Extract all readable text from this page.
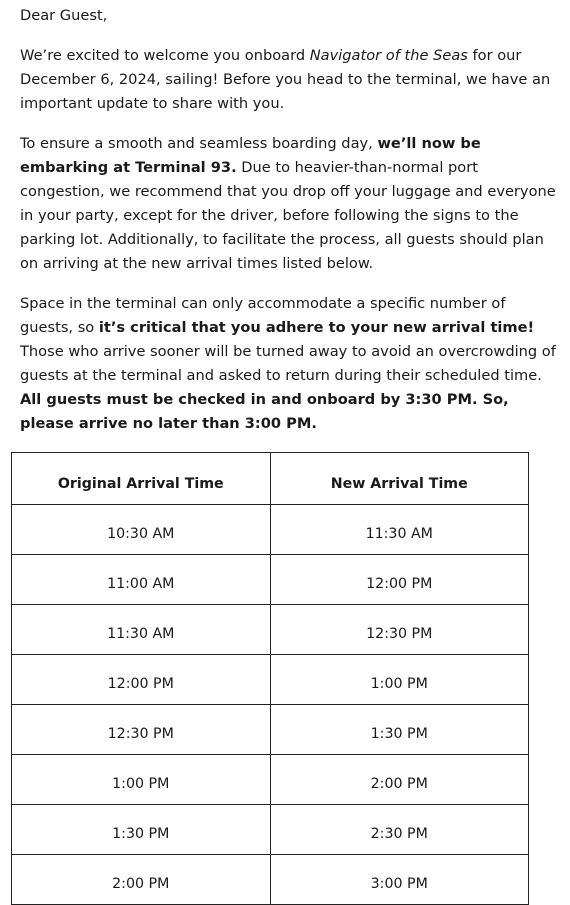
Dear Guest,

We’re excited to welcome you onboard Navigator of the Seas for our December 6, 2024, sailing! Before you head to the terminal, we have an important update to share with you.

To ensure a smooth and seamless boarding day, we’ll now be embarking at Terminal 93. Due to heavier-than-normal port congestion, we recommend that you drop off your luggage and everyone in your party, except for the driver, before following the signs to the parking lot. Additionally, to facilitate the process, all guests should plan on arriving at the new arrival times listed below.

Space in the terminal can only accommodate a specific number of guests, so it’s critical that you adhere to your new arrival time! Those who arrive sooner will be turned away to avoid an overcrowding of guests at the terminal and asked to return during their scheduled time. All guests must be checked in and onboard by 3:30 PM. So, please arrive no later than 3:00 PM.

Original Arrival Time	New Arrival Time
10:30 AM	11:30 AM
11:00 AM	12:00 PM
11:30 AM	12:30 PM
12:00 PM	1:00 PM
12:30 PM	1:30 PM
1:00 PM	2:00 PM
1:30 PM	2:30 PM
2:00 PM	3:00 PM
